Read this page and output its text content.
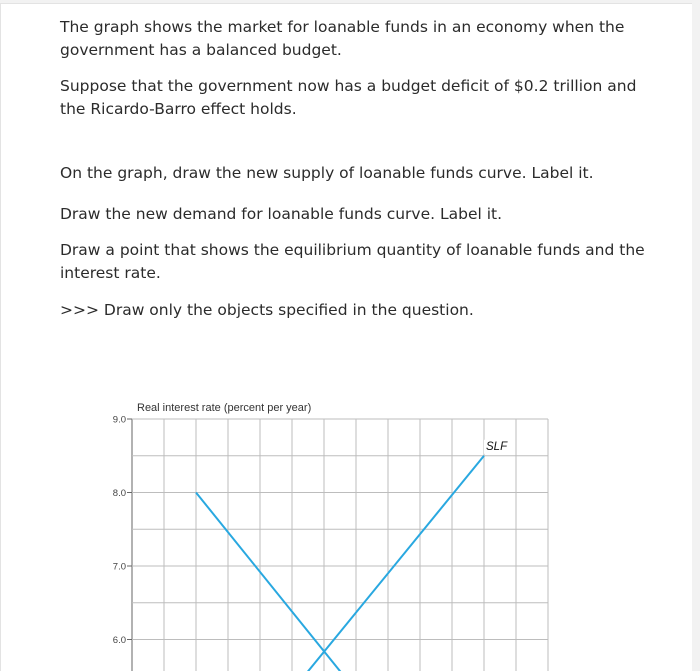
The graph shows the market for loanable funds in an economy when the government has a balanced budget.

Suppose that the government now has a budget deficit of $0.2 trillion and the Ricardo-Barro effect holds.

On the graph, draw the new supply of loanable funds curve. Label it.

Draw the new demand for loanable funds curve. Label it.

Draw a point that shows the equilibrium quantity of loanable funds and the interest rate.

>>> Draw only the objects specified in the question.

9.0
8.0
7.0
6.0
SLF
Real interest rate (percent per year)
